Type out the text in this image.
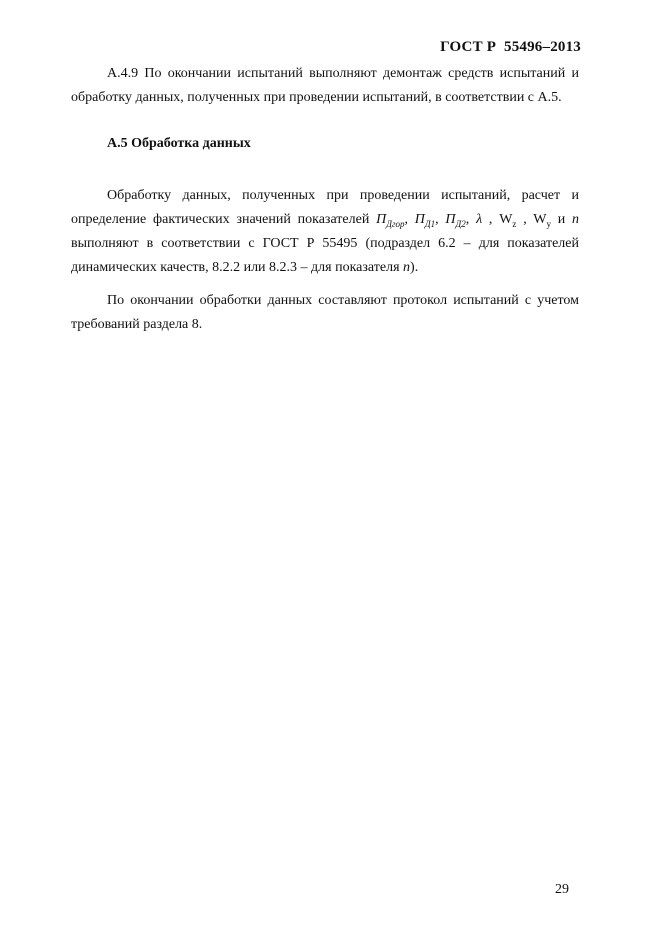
ГОСТ Р  55496–2013
А.4.9 По окончании испытаний выполняют демонтаж средств испытаний и обработку данных, полученных при проведении испытаний, в соответствии с А.5.
А.5 Обработка данных
Обработку данных, полученных при проведении испытаний, расчет и определение фактических значений показателей $П_{Дгор}$, $П_{Д1}$, $П_{Д2}$, λ , $W_z$ , $W_y$ и n выполняют в соответствии с ГОСТ Р 55495 (подраздел 6.2 – для показателей динамических качеств, 8.2.2 или 8.2.3 – для показателя n).
По окончании обработки данных составляют протокол испытаний с учетом требований раздела 8.
29
